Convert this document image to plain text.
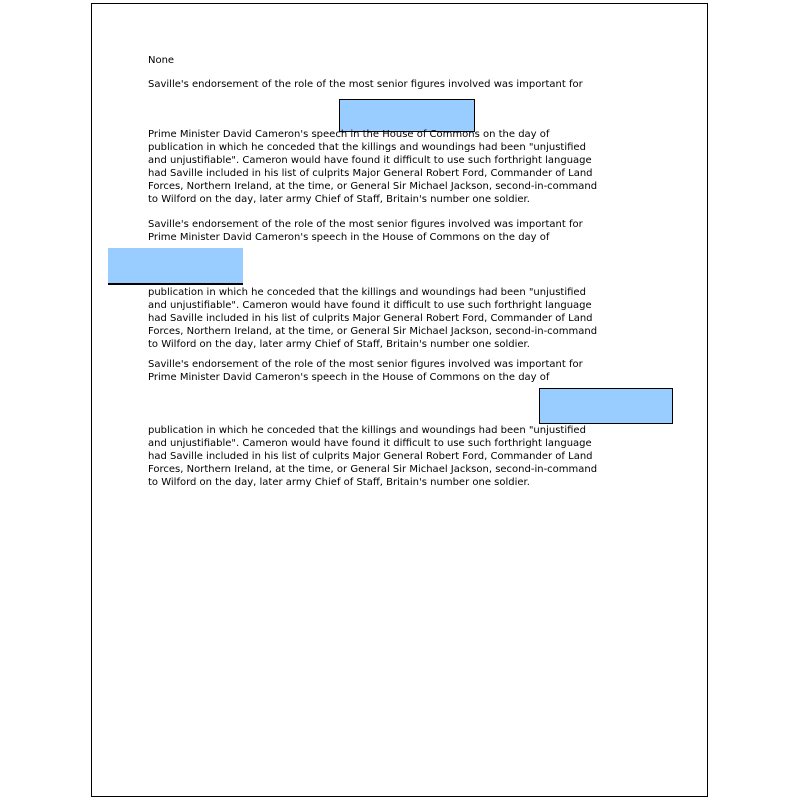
None
Saville's endorsement of the role of the most senior figures involved was important for
Prime Minister David Cameron's speech in the House of Commons on the day of
publication in which he conceded that the killings and woundings had been "unjustified
and unjustifiable". Cameron would have found it difficult to use such forthright language
had Saville included in his list of culprits Major General Robert Ford, Commander of Land
Forces, Northern Ireland, at the time, or General Sir Michael Jackson, second-in-command
to Wilford on the day, later army Chief of Staff, Britain's number one soldier.
Saville's endorsement of the role of the most senior figures involved was important for
Prime Minister David Cameron's speech in the House of Commons on the day of
publication in which he conceded that the killings and woundings had been "unjustified
and unjustifiable". Cameron would have found it difficult to use such forthright language
had Saville included in his list of culprits Major General Robert Ford, Commander of Land
Forces, Northern Ireland, at the time, or General Sir Michael Jackson, second-in-command
to Wilford on the day, later army Chief of Staff, Britain's number one soldier.
Saville's endorsement of the role of the most senior figures involved was important for
Prime Minister David Cameron's speech in the House of Commons on the day of
publication in which he conceded that the killings and woundings had been "unjustified
and unjustifiable". Cameron would have found it difficult to use such forthright language
had Saville included in his list of culprits Major General Robert Ford, Commander of Land
Forces, Northern Ireland, at the time, or General Sir Michael Jackson, second-in-command
to Wilford on the day, later army Chief of Staff, Britain's number one soldier.
